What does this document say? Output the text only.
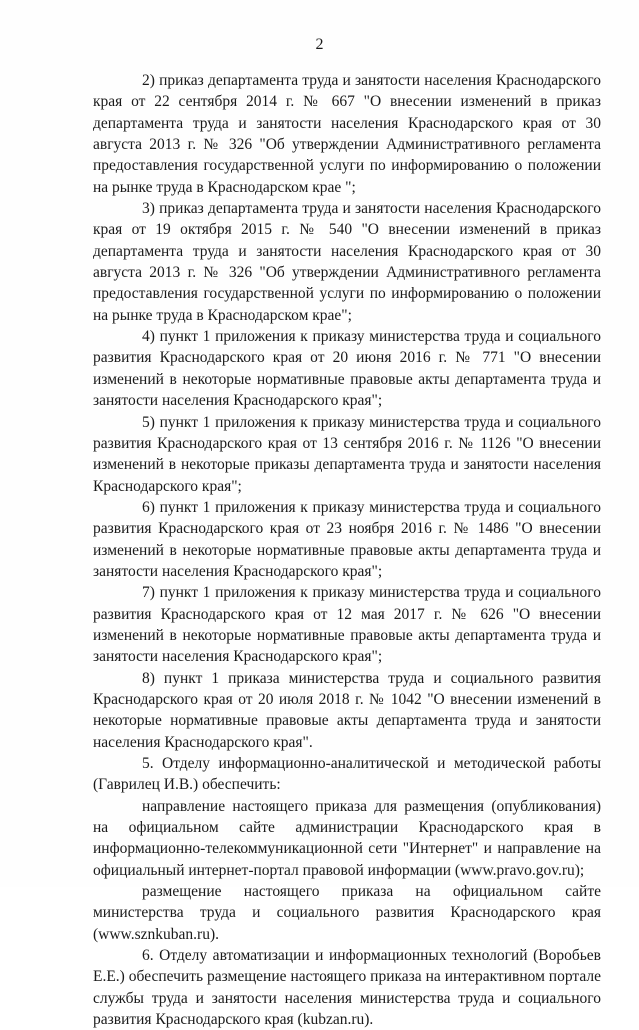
2

2) приказ департамента труда и занятости населения Краснодарского края от 22 сентября 2014 г. № 667 "О внесении изменений в приказ департамента труда и занятости населения Краснодарского края от 30 августа 2013 г. № 326 "Об утверждении Административного регламента предоставления государственной услуги по информированию о положении на рынке труда в Краснодарском крае ";

3) приказ департамента труда и занятости населения Краснодарского края от 19 октября 2015 г. № 540 "О внесении изменений в приказ департамента труда и занятости населения Краснодарского края от 30 августа 2013 г. № 326 "Об утверждении Административного регламента предоставления государственной услуги по информированию о положении на рынке труда в Краснодарском крае";

4) пункт 1 приложения к приказу министерства труда и социального развития Краснодарского края от 20 июня 2016 г. № 771 "О внесении изменений в некоторые нормативные правовые акты департамента труда и занятости населения Краснодарского края";

5) пункт 1 приложения к приказу министерства труда и социального развития Краснодарского края от 13 сентября 2016 г. № 1126 "О внесении изменений в некоторые приказы департамента труда и занятости населения Краснодарского края";

6) пункт 1 приложения к приказу министерства труда и социального развития Краснодарского края от 23 ноября 2016 г. № 1486 "О внесении изменений в некоторые нормативные правовые акты департамента труда и занятости населения Краснодарского края";

7) пункт 1 приложения к приказу министерства труда и социального развития Краснодарского края от 12 мая 2017 г. № 626 "О внесении изменений в некоторые нормативные правовые акты департамента труда и занятости населения Краснодарского края";

8) пункт 1 приказа министерства труда и социального развития Краснодарского края от 20 июля 2018 г. № 1042 "О внесении изменений в некоторые нормативные правовые акты департамента труда и занятости населения Краснодарского края".

5. Отделу информационно-аналитической и методической работы (Гаврилец И.В.) обеспечить:

направление настоящего приказа для размещения (опубликования) на официальном сайте администрации Краснодарского края в информационно-телекоммуникационной сети "Интернет" и направление на официальный интернет-портал правовой информации (www.pravo.gov.ru);

размещение настоящего приказа на официальном сайте министерства труда и социального развития Краснодарского края (www.sznkuban.ru).

6. Отделу автоматизации и информационных технологий (Воробьев Е.Е.) обеспечить размещение настоящего приказа на интерактивном портале службы труда и занятости населения министерства труда и социального развития Краснодарского края (kubzan.ru).
